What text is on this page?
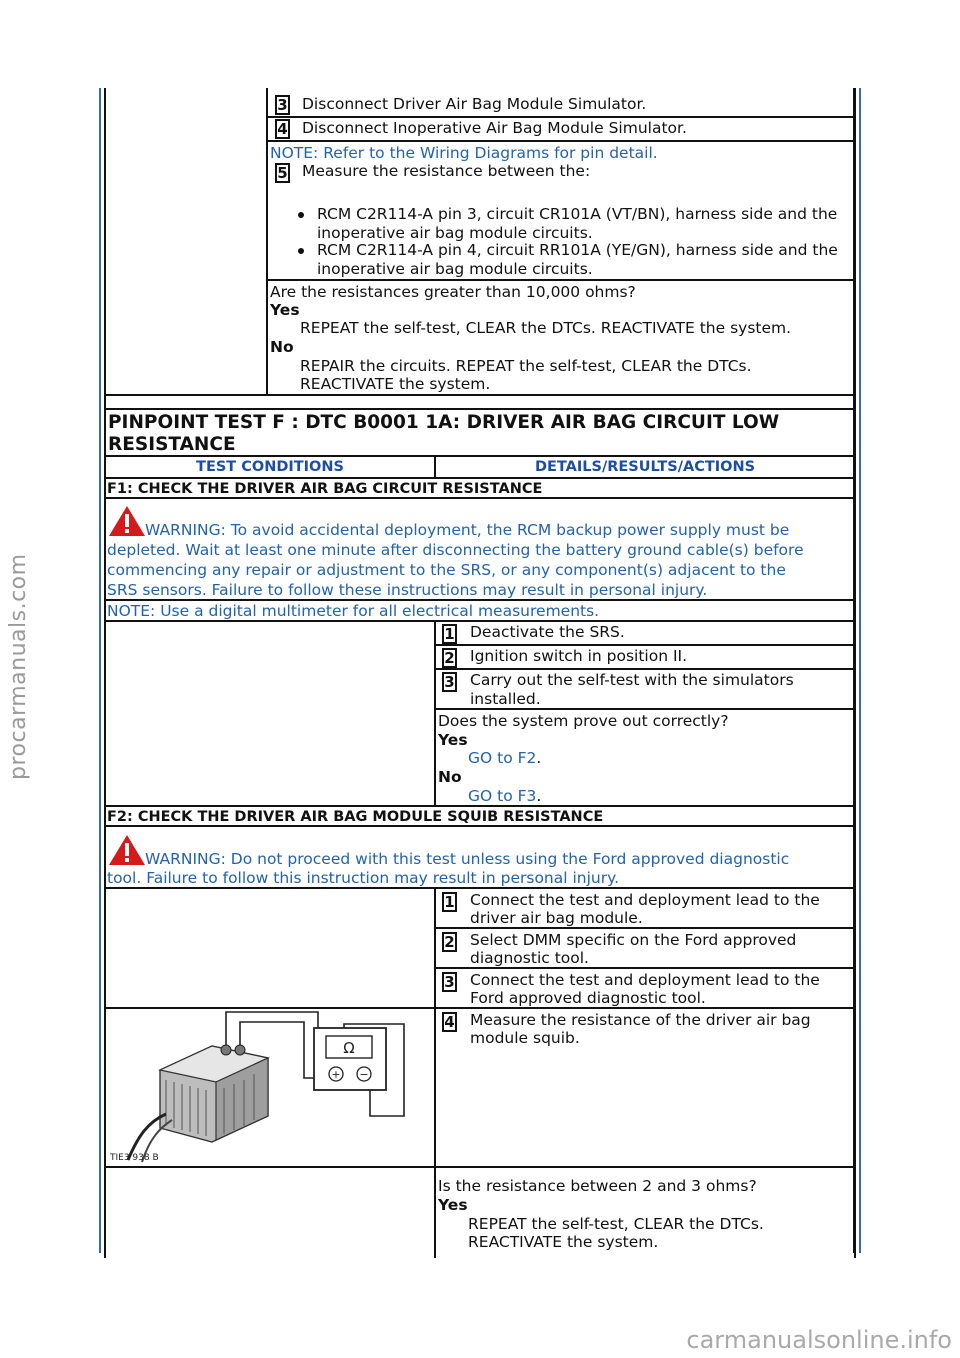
procarmanuals.com
carmanualsonline.info
3 Disconnect Driver Air Bag Module Simulator.
4 Disconnect Inoperative Air Bag Module Simulator.
NOTE: Refer to the Wiring Diagrams for pin detail.
5 Measure the resistance between the:
RCM C2R114-A pin 3, circuit CR101A (VT/BN), harness side and the
inoperative air bag module circuits.
RCM C2R114-A pin 4, circuit RR101A (YE/GN), harness side and the
inoperative air bag module circuits.
Are the resistances greater than 10,000 ohms?
Yes
REPEAT the self-test, CLEAR the DTCs. REACTIVATE the system.
No
REPAIR the circuits. REPEAT the self-test, CLEAR the DTCs.
REACTIVATE the system.
PINPOINT TEST F : DTC B0001 1A: DRIVER AIR BAG CIRCUIT LOW
RESISTANCE
TEST CONDITIONS	DETAILS/RESULTS/ACTIONS
F1: CHECK THE DRIVER AIR BAG CIRCUIT RESISTANCE
WARNING: To avoid accidental deployment, the RCM backup power supply must be
depleted. Wait at least one minute after disconnecting the battery ground cable(s) before
commencing any repair or adjustment to the SRS, or any component(s) adjacent to the
SRS sensors. Failure to follow these instructions may result in personal injury.
NOTE: Use a digital multimeter for all electrical measurements.
1 Deactivate the SRS.
2 Ignition switch in position II.
3 Carry out the self-test with the simulators
installed.
Does the system prove out correctly?
Yes
GO to F2.
No
GO to F3.
F2: CHECK THE DRIVER AIR BAG MODULE SQUIB RESISTANCE
WARNING: Do not proceed with this test unless using the Ford approved diagnostic
tool. Failure to follow this instruction may result in personal injury.
1 Connect the test and deployment lead to the
driver air bag module.
2 Select DMM specific on the Ford approved
diagnostic tool.
3 Connect the test and deployment lead to the
Ford approved diagnostic tool.
4 Measure the resistance of the driver air bag
module squib.
Ω
+ −
TIE3 938 B
Is the resistance between 2 and 3 ohms?
Yes
REPEAT the self-test, CLEAR the DTCs.
REACTIVATE the system.
